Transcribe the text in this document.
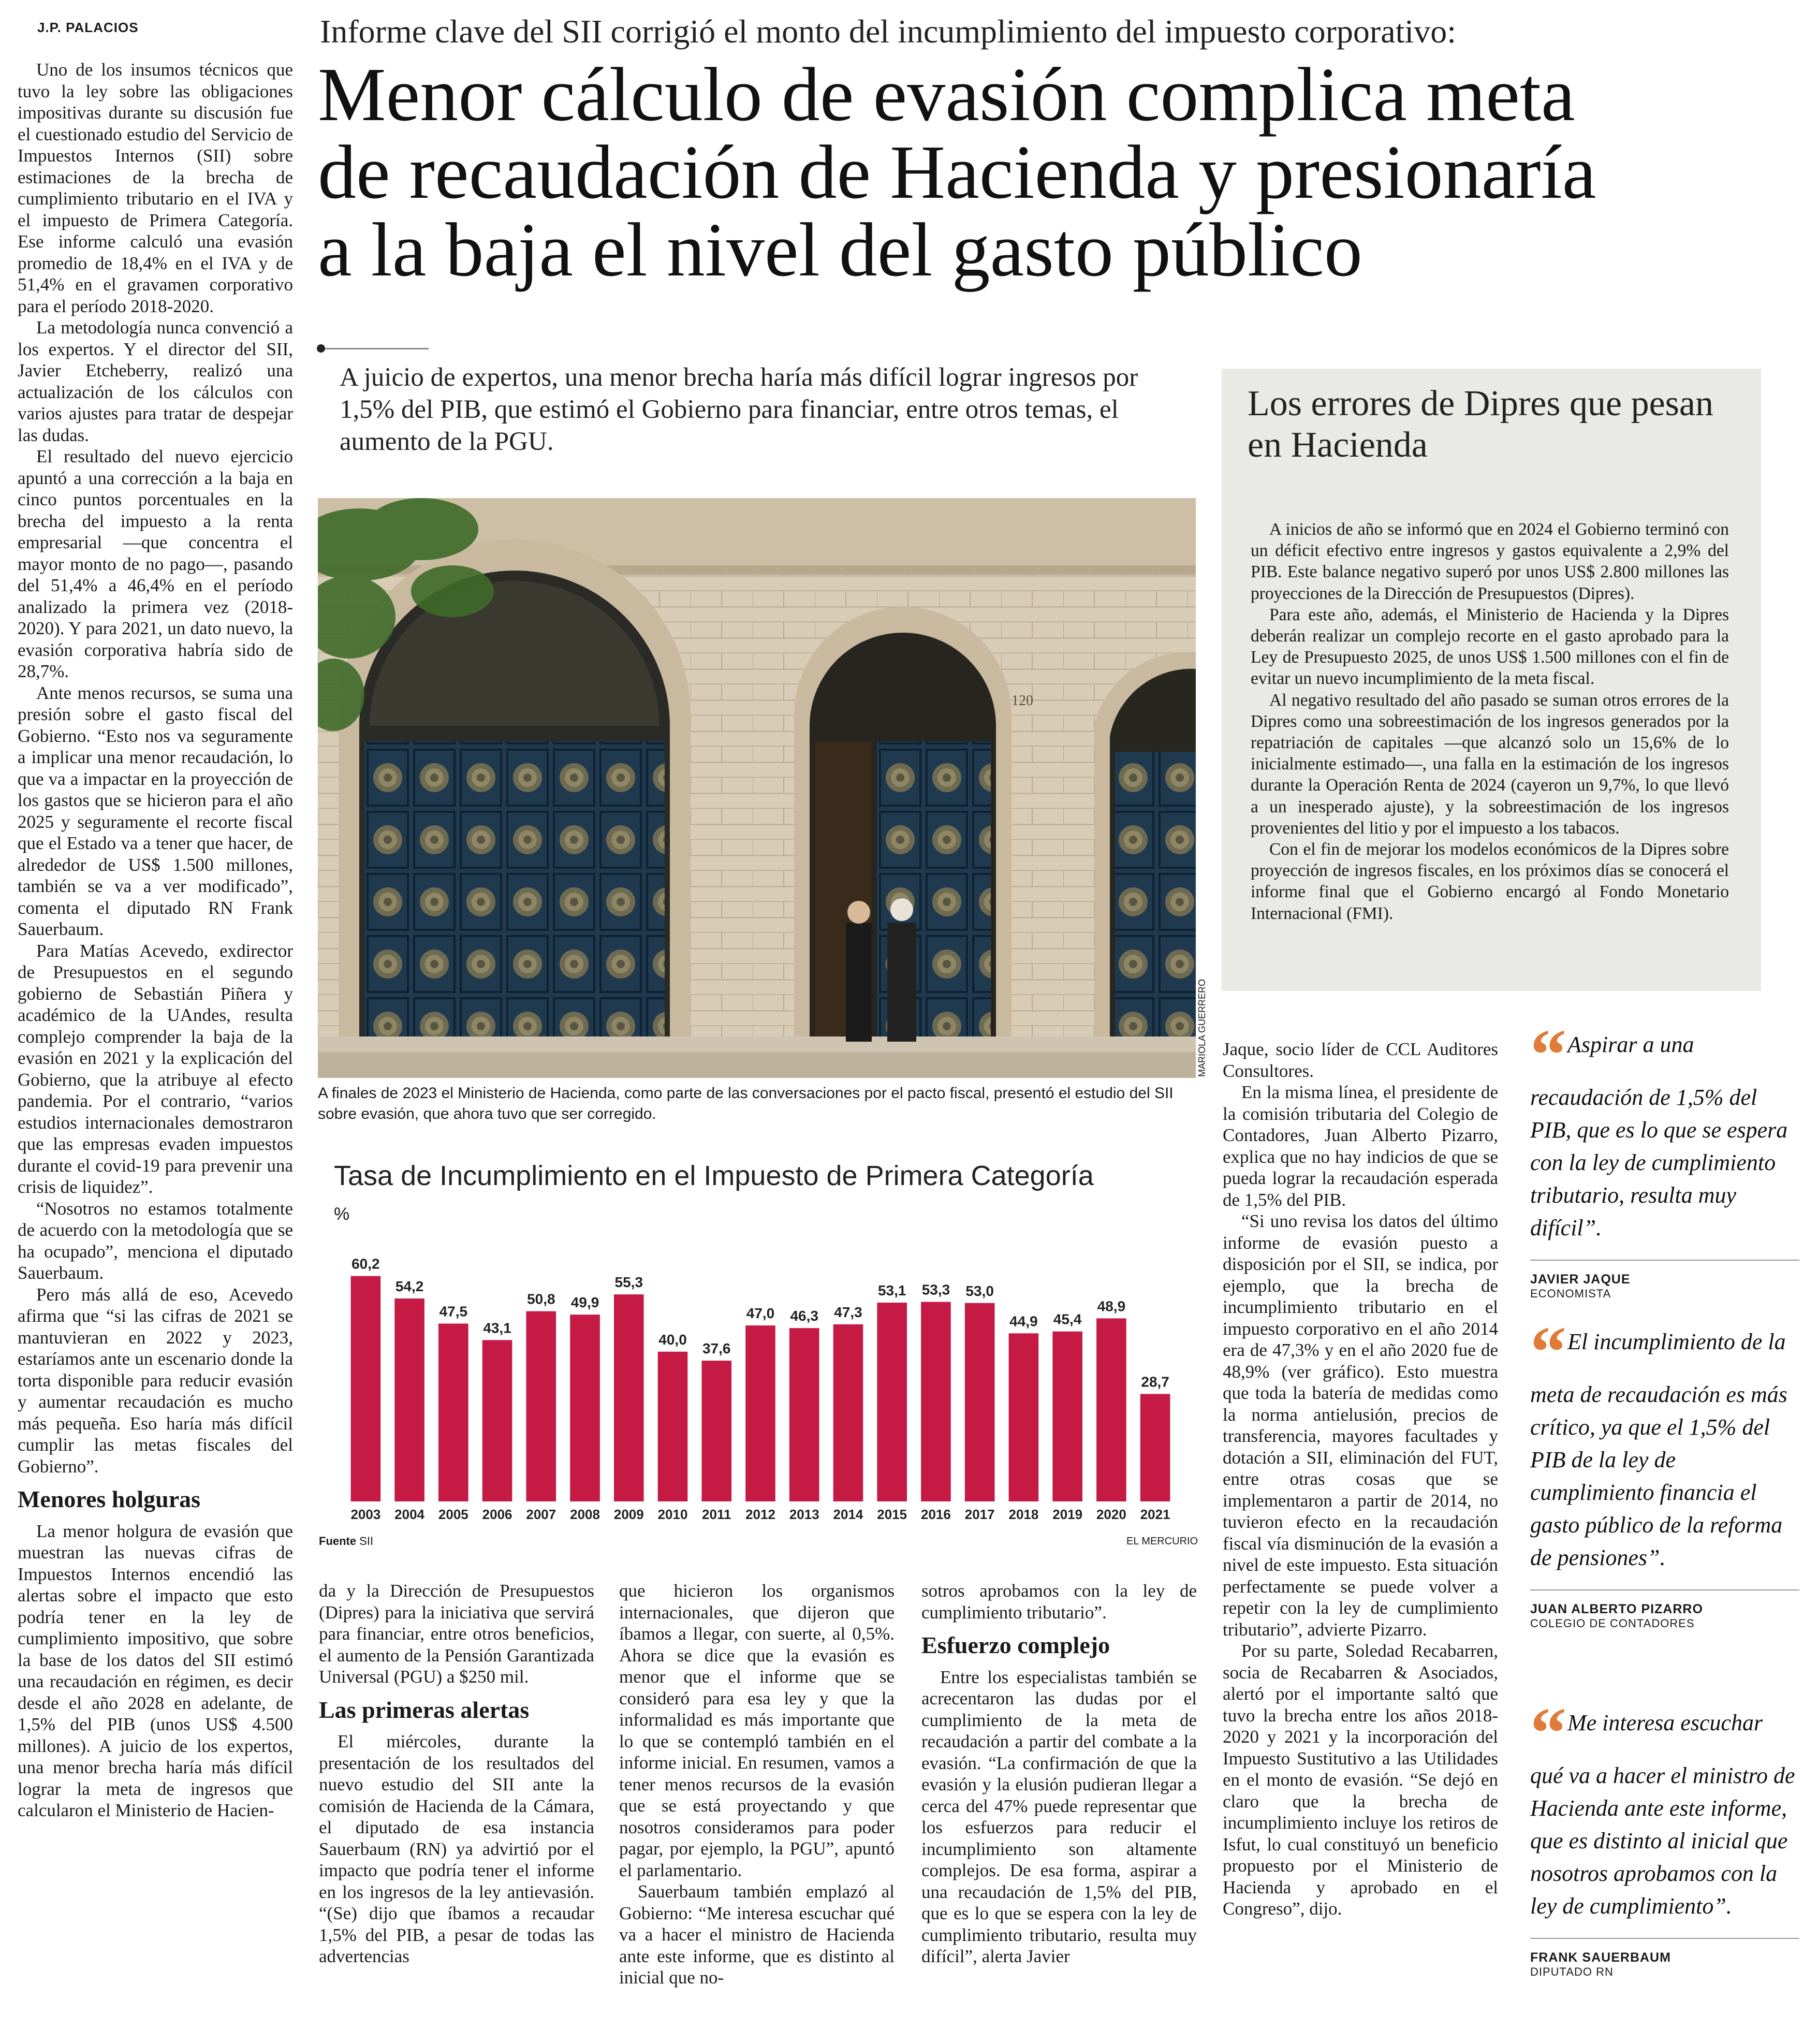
J.P. PALACIOS	Informe clave del SII corrigió el monto del incumplimiento del impuesto corporativo:
Menor cálculo de evasión complica meta
de recaudación de Hacienda y presionaría
a la baja el nivel del gasto público
A juicio de expertos, una menor brecha haría más difícil lograr ingresos por 1,5% del PIB, que estimó el Gobierno para financiar, entre otros temas, el aumento de la PGU.
120
MARIOLA GUERRERO
A finales de 2023 el Ministerio de Hacienda, como parte de las conversaciones por el pacto fiscal, presentó el estudio del SII sobre evasión, que ahora tuvo que ser corregido.
Tasa de Incumplimiento en el Impuesto de Primera Categoría
%
60,2
2003
54,2
2004
47,5
2005
43,1
2006
50,8
2007
49,9
2008
55,3
2009
40,0
2010
37,6
2011
47,0
2012
46,3
2013
47,3
2014
53,1
2015
53,3
2016
53,0
2017
44,9
2018
45,4
2019
48,9
2020
28,7
2021
Fuente SII	EL MERCURIO
Los errores de Dipres que pesan en Hacienda

A inicios de año se informó que en 2024 el Gobierno terminó con un déficit efectivo entre ingresos y gastos equivalente a 2,9% del PIB. Este balance negativo superó por unos US$ 2.800 millones las proyecciones de la Dirección de Presupuestos (Dipres).

Para este año, además, el Ministerio de Hacienda y la Dipres deberán realizar un complejo recorte en el gasto aprobado para la Ley de Presupuesto 2025, de unos US$ 1.500 millones con el fin de evitar un nuevo incumplimiento de la meta fiscal.

Al negativo resultado del año pasado se suman otros errores de la Dipres como una sobreestimación de los ingresos generados por la repatriación de capitales —que alcanzó solo un 15,6% de lo inicialmente estimado—, una falla en la estimación de los ingresos durante la Operación Renta de 2024 (cayeron un 9,7%, lo que llevó a un inesperado ajuste), y la sobreestimación de los ingresos provenientes del litio y por el impuesto a los tabacos.

Con el fin de mejorar los modelos económicos de la Dipres sobre proyección de ingresos fiscales, en los próximos días se conocerá el informe final que el Gobierno encargó al Fondo Monetario Internacional (FMI).

Uno de los insumos técnicos que tuvo la ley sobre las obligaciones impositivas durante su discusión fue el cuestionado estudio del Servicio de Impuestos Internos (SII) sobre estimaciones de la brecha de cumplimiento tributario en el IVA y el impuesto de Primera Categoría. Ese informe calculó una evasión promedio de 18,4% en el IVA y de 51,4% en el gravamen corporativo para el período 2018-2020.

La metodología nunca convenció a los expertos. Y el director del SII, Javier Etcheberry, realizó una actualización de los cálculos con varios ajustes para tratar de despejar las dudas.

El resultado del nuevo ejercicio apuntó a una corrección a la baja en cinco puntos porcentuales en la brecha del impuesto a la renta empresarial —que concentra el mayor monto de no pago—, pasando del 51,4% a 46,4% en el período analizado la primera vez (2018-2020). Y para 2021, un dato nuevo, la evasión corporativa habría sido de 28,7%.

Ante menos recursos, se suma una presión sobre el gasto fiscal del Gobierno. “Esto nos va seguramente a implicar una menor recaudación, lo que va a impactar en la proyección de los gastos que se hicieron para el año 2025 y seguramente el recorte fiscal que el Estado va a tener que hacer, de alrededor de US$ 1.500 millones, también se va a ver modificado”, comenta el diputado RN Frank Sauerbaum.

Para Matías Acevedo, exdirector de Presupuestos en el segundo gobierno de Sebastián Piñera y académico de la UAndes, resulta complejo comprender la baja de la evasión en 2021 y la explicación del Gobierno, que la atribuye al efecto pandemia. Por el contrario, “varios estudios internacionales demostraron que las empresas evaden impuestos durante el covid-19 para prevenir una crisis de liquidez”.

“Nosotros no estamos totalmente de acuerdo con la metodología que se ha ocupado”, menciona el diputado Sauerbaum.

Pero más allá de eso, Acevedo afirma que “si las cifras de 2021 se mantuvieran en 2022 y 2023, estaríamos ante un escenario donde la torta disponible para reducir evasión y aumentar recaudación es mucho más pequeña. Eso haría más difícil cumplir las metas fiscales del Gobierno”.

Menores holguras

La menor holgura de evasión que muestran las nuevas cifras de Impuestos Internos encendió las alertas sobre el impacto que esto podría tener en la ley de cumplimiento impositivo, que sobre la base de los datos del SII estimó una recaudación en régimen, es decir desde el año 2028 en adelante, de 1,5% del PIB (unos US$ 4.500 millones). A juicio de los expertos, una menor brecha haría más difícil lograr la meta de ingresos que calcularon el Ministerio de Hacien-

da y la Dirección de Presupuestos (Dipres) para la iniciativa que servirá para financiar, entre otros beneficios, el aumento de la Pensión Garantizada Universal (PGU) a $250 mil.

Las primeras alertas

El miércoles, durante la presentación de los resultados del nuevo estudio del SII ante la comisión de Hacienda de la Cámara, el diputado de esa instancia Sauerbaum (RN) ya advirtió por el impacto que podría tener el informe en los ingresos de la ley antievasión. “(Se) dijo que íbamos a recaudar 1,5% del PIB, a pesar de todas las advertencias

que hicieron los organismos internacionales, que dijeron que íbamos a llegar, con suerte, al 0,5%. Ahora se dice que la evasión es menor que el informe que se consideró para esa ley y que la informalidad es más importante que lo que se contempló también en el informe inicial. En resumen, vamos a tener menos recursos de la evasión que se está proyectando y que nosotros consideramos para poder pagar, por ejemplo, la PGU”, apuntó el parlamentario.

Sauerbaum también emplazó al Gobierno: “Me interesa escuchar qué va a hacer el ministro de Hacienda ante este informe, que es distinto al inicial que no-

sotros aprobamos con la ley de cumplimiento tributario”.

Esfuerzo complejo

Entre los especialistas también se acrecentaron las dudas por el cumplimiento de la meta de recaudación a partir del combate a la evasión. “La confirmación de que la evasión y la elusión pudieran llegar a cerca del 47% puede representar que los esfuerzos para reducir el incumplimiento son altamente complejos. De esa forma, aspirar a una recaudación de 1,5% del PIB, que es lo que se espera con la ley de cumplimiento tributario, resulta muy difícil”, alerta Javier

Jaque, socio líder de CCL Auditores Consultores.

En la misma línea, el presidente de la comisión tributaria del Colegio de Contadores, Juan Alberto Pizarro, explica que no hay indicios de que se pueda lograr la recaudación esperada de 1,5% del PIB.

“Si uno revisa los datos del último informe de evasión puesto a disposición por el SII, se indica, por ejemplo, que la brecha de incumplimiento tributario en el impuesto corporativo en el año 2014 era de 47,3% y en el año 2020 fue de 48,9% (ver gráfico). Esto muestra que toda la batería de medidas como la norma antielusión, precios de transferencia, mayores facultades y dotación a SII, eliminación del FUT, entre otras cosas que se implementaron a partir de 2014, no tuvieron efecto en la recaudación fiscal vía disminución de la evasión a nivel de este impuesto. Esta situación perfectamente se puede volver a repetir con la ley de cumplimiento tributario”, advierte Pizarro.

Por su parte, Soledad Recabarren, socia de Recabarren & Asociados, alertó por el importante saltó que tuvo la brecha entre los años 2018-2020 y 2021 y la incorporación del Impuesto Sustitutivo a las Utilidades en el monto de evasión. “Se dejó en claro que la brecha de incumplimiento incluye los retiros de Isfut, lo cual constituyó un beneficio propuesto por el Ministerio de Hacienda y aprobado en el Congreso”, dijo.

“ Aspirar a una recaudación de 1,5% del PIB, que es lo que se espera con la ley de cumplimiento tributario, resulta muy difícil”.
JAVIER JAQUE
ECONOMISTA
“ El incumplimiento de la meta de recaudación es más crítico, ya que el 1,5% del PIB de la ley de cumplimiento financia el gasto público de la reforma de pensiones”.
JUAN ALBERTO PIZARRO
COLEGIO DE CONTADORES
“ Me interesa escuchar qué va a hacer el ministro de Hacienda ante este informe, que es distinto al inicial que nosotros aprobamos con la ley de cumplimiento”.
FRANK SAUERBAUM
DIPUTADO RN
